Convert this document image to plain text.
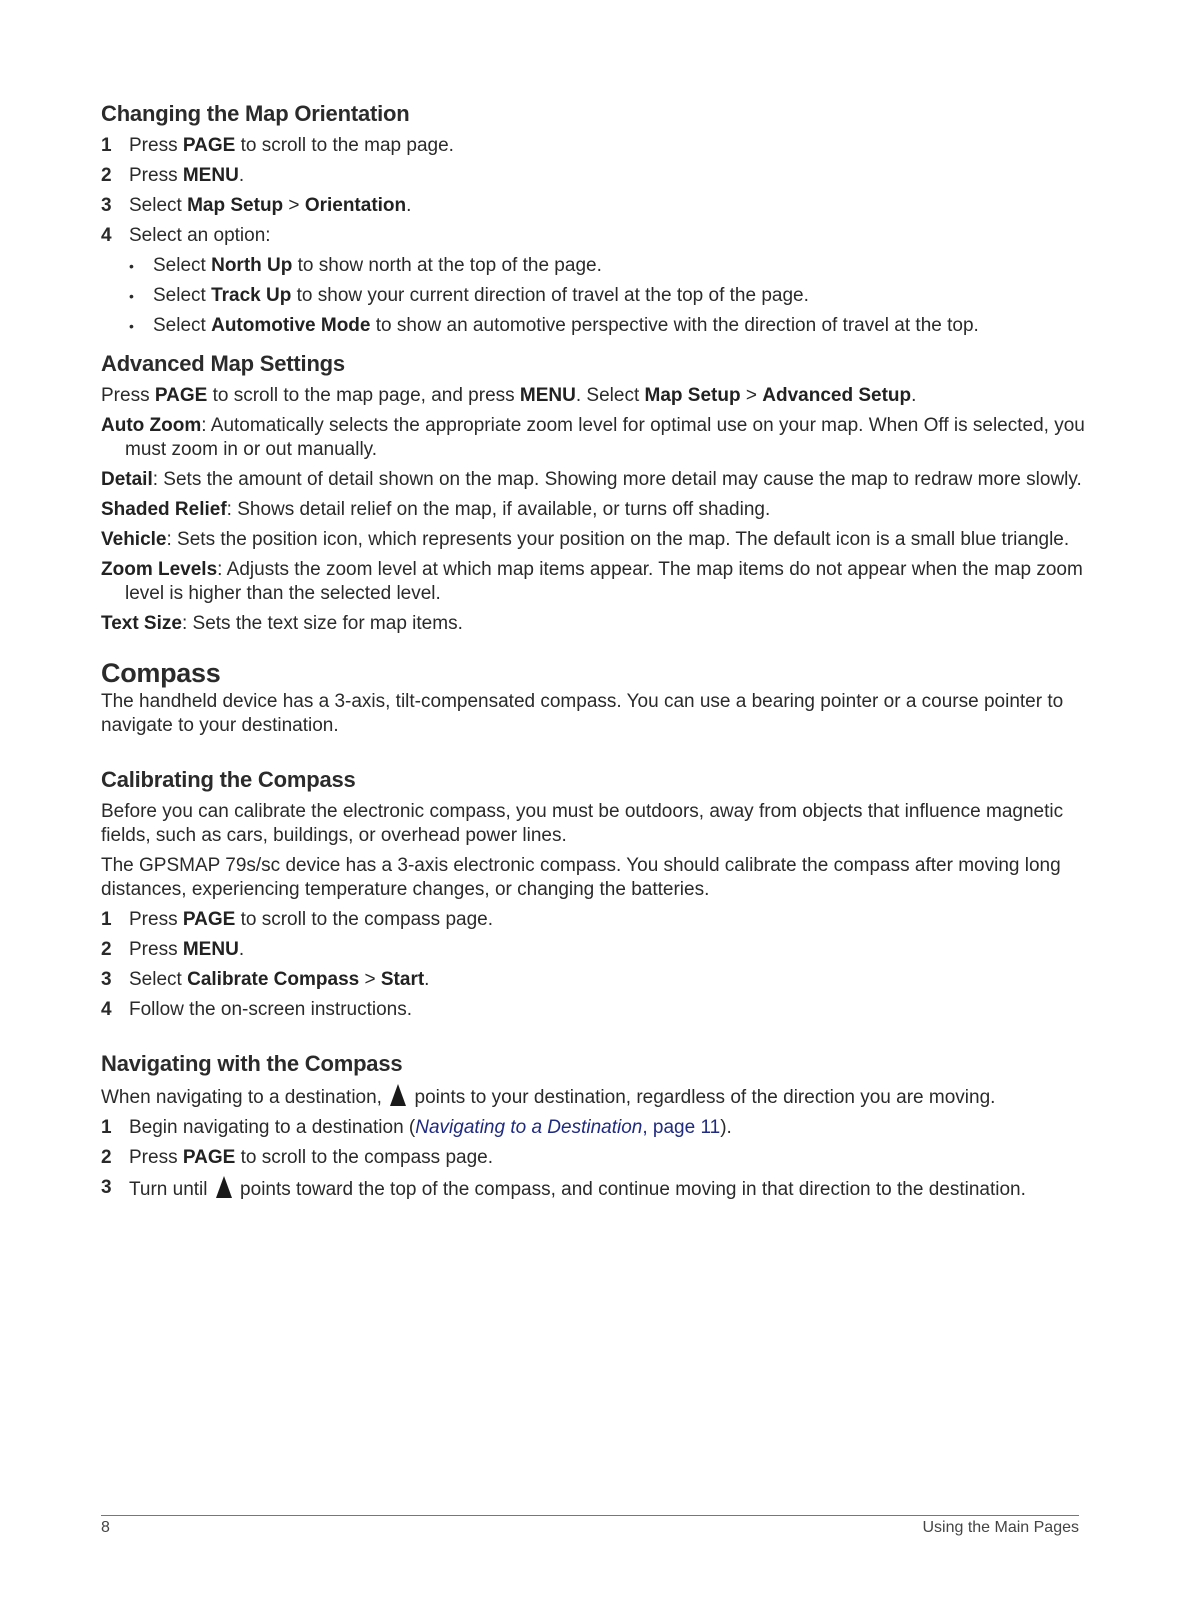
Changing the Map Orientation
1 Press PAGE to scroll to the map page.
2 Press MENU.
3 Select Map Setup > Orientation.
4 Select an option:
•	Select North Up to show north at the top of the page.
•	Select Track Up to show your current direction of travel at the top of the page.
•	Select Automotive Mode to show an automotive perspective with the direction of travel at the top.
Advanced Map Settings
Press PAGE to scroll to the map page, and press MENU. Select Map Setup > Advanced Setup.
Auto Zoom: Automatically selects the appropriate zoom level for optimal use on your map. When Off is selected, you must zoom in or out manually.
Detail: Sets the amount of detail shown on the map. Showing more detail may cause the map to redraw more slowly.
Shaded Relief: Shows detail relief on the map, if available, or turns off shading.
Vehicle: Sets the position icon, which represents your position on the map. The default icon is a small blue triangle.
Zoom Levels: Adjusts the zoom level at which map items appear. The map items do not appear when the map zoom level is higher than the selected level.
Text Size: Sets the text size for map items.
Compass
The handheld device has a 3-axis, tilt-compensated compass. You can use a bearing pointer or a course pointer to navigate to your destination.
Calibrating the Compass
Before you can calibrate the electronic compass, you must be outdoors, away from objects that influence magnetic fields, such as cars, buildings, or overhead power lines.
The GPSMAP 79s/sc device has a 3-axis electronic compass. You should calibrate the compass after moving long distances, experiencing temperature changes, or changing the batteries.
1 Press PAGE to scroll to the compass page.
2 Press MENU.
3 Select Calibrate Compass > Start.
4 Follow the on-screen instructions.
Navigating with the Compass
When navigating to a destination,  points to your destination, regardless of the direction you are moving.
1 Begin navigating to a destination (Navigating to a Destination, page 11).
2 Press PAGE to scroll to the compass page.
3 Turn until  points toward the top of the compass, and continue moving in that direction to the destination.
8	Using the Main Pages
